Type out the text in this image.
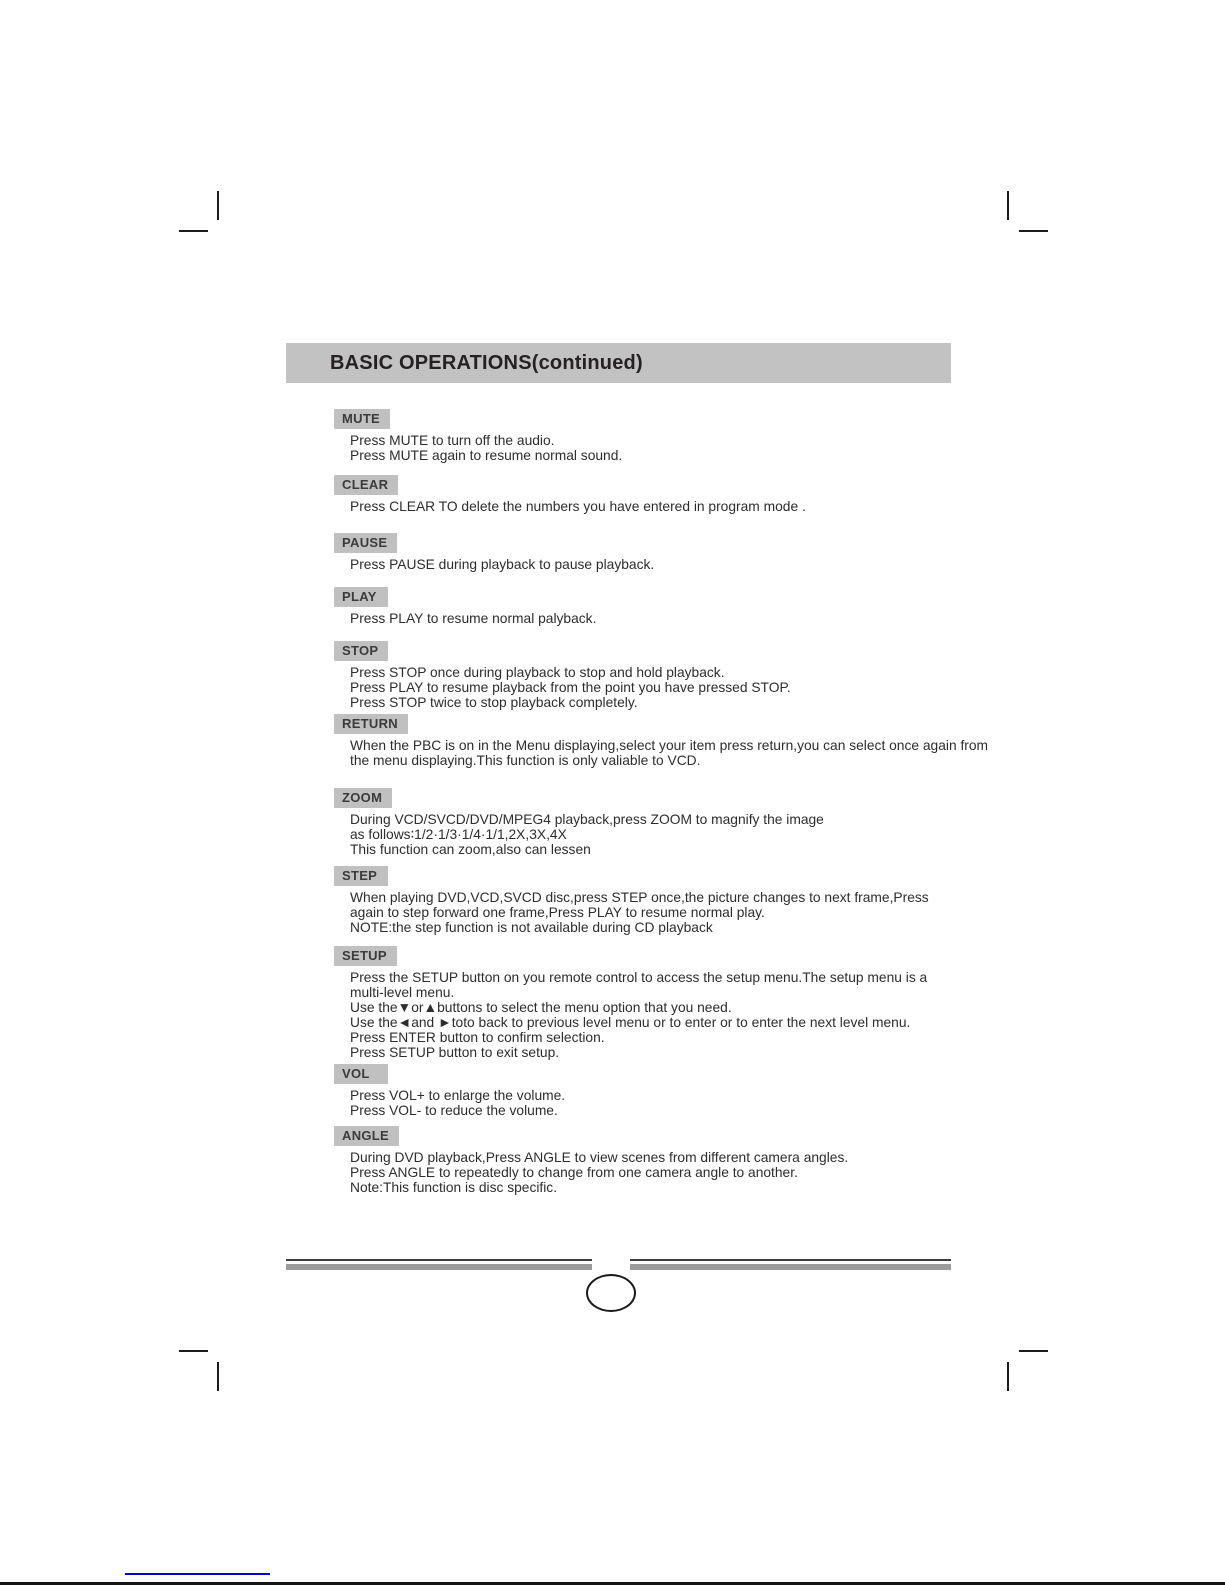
BASIC OPERATIONS(continued)
MUTE
Press MUTE to turn off the audio.
Press MUTE again to resume normal sound.
CLEAR
Press CLEAR TO delete the numbers you have entered in program mode .
PAUSE
Press PAUSE during playback to pause playback.
PLAY
Press PLAY to resume normal palyback.
STOP
Press STOP once during playback to stop and hold playback.
Press PLAY to resume playback from the point you have pressed STOP.
Press STOP twice to stop playback completely.
RETURN
When the PBC is on in the Menu displaying,select your item press return,you can select once again from
the menu displaying.This function is only valiable to VCD.
ZOOM
During VCD/SVCD/DVD/MPEG4 playback,press ZOOM to magnify the image
as follows∶1/2·1/3·1/4·1/1,2X,3X,4X
This function can zoom,also can lessen
STEP
When playing DVD,VCD,SVCD disc,press STEP once,the picture changes to next frame,Press
again to step forward one frame,Press PLAY to resume normal play.
NOTE:the step function is not available during CD playback
SETUP
Press the SETUP button on you remote control to access the setup menu.The setup menu is a
multi-level menu.
Use the▼or▲buttons to select the menu option that you need.
Use the◄and ►toto back to previous level menu or to enter or to enter the next level menu.
Press ENTER button to confirm selection.
Press SETUP button to exit setup.
VOL
Press VOL+ to enlarge the volume.
Press VOL- to reduce the volume.
ANGLE
During DVD playback,Press ANGLE to view scenes from different camera angles.
Press ANGLE to repeatedly to change from one camera angle to another.
Note:This function is disc specific.
